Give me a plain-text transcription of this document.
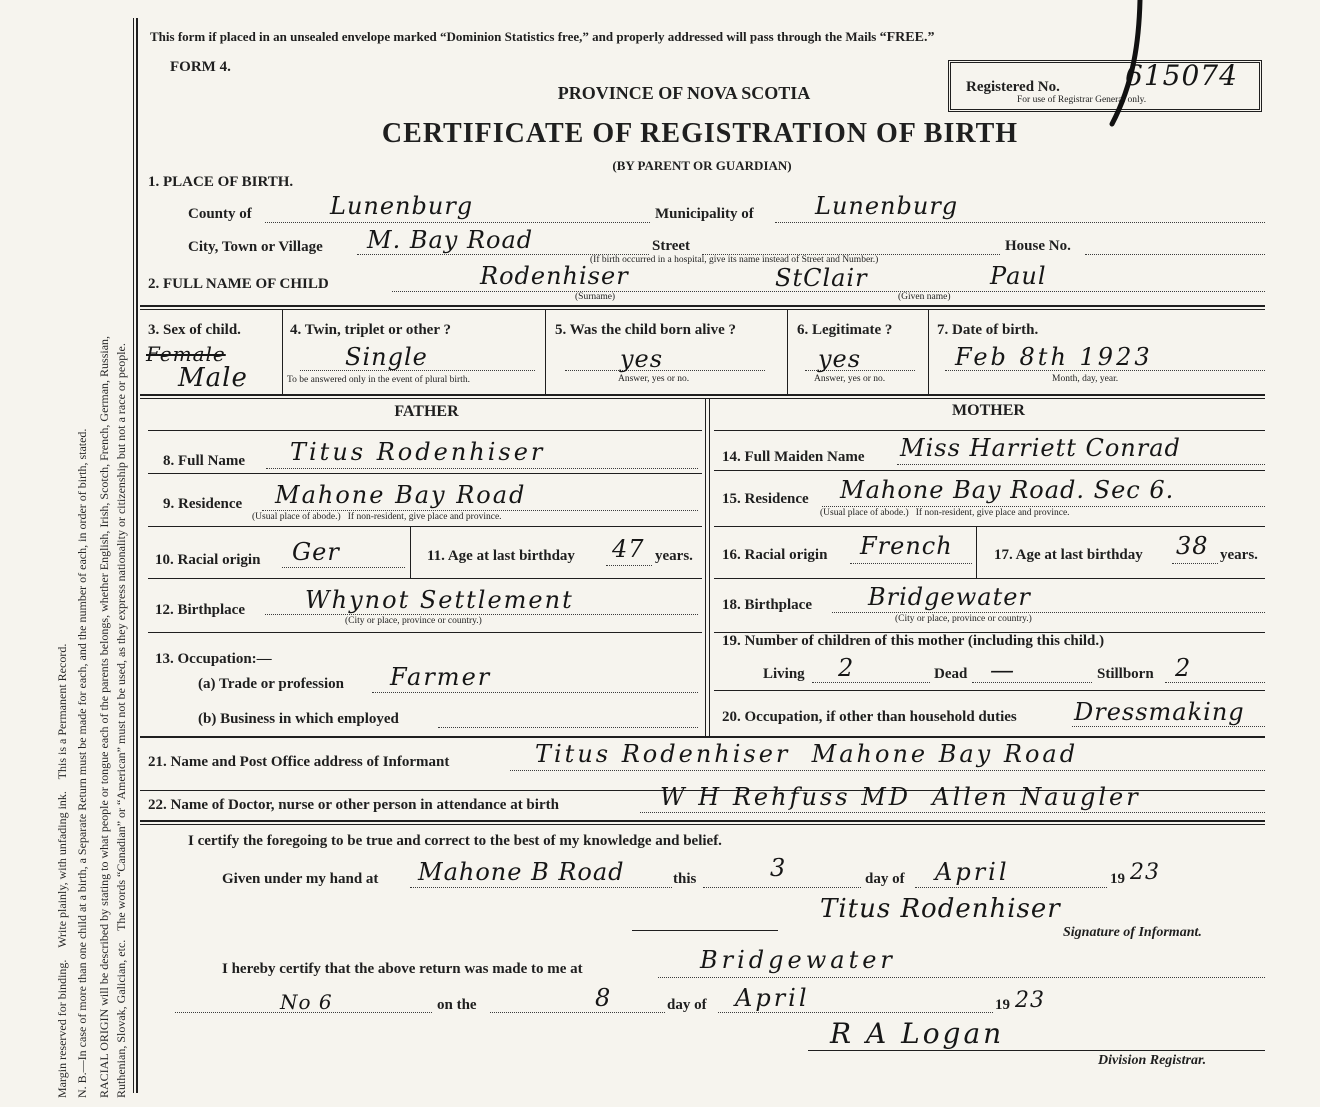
Margin reserved for binding.    Write plainly, with unfading ink.    This is a Permanent Record. N. B.—In case of more than one child at a birth, a Separate Return must be made for each, and the number of each, in order of birth, stated. RACIAL ORIGIN will be described by stating to what people or tongue each of the parents belongs, whether English, Irish, Scotch, French, German, Russian, Ruthenian, Slovak, Galician, etc.   The words “Canadian” or “American” must not be used, as they express nationality or citizenship but not a race or people.
This form if placed in an unsealed envelope marked “Dominion Statistics free,” and properly addressed will pass through the Mails “FREE.”
FORM 4.
PROVINCE OF NOVA SCOTIA
CERTIFICATE OF REGISTRATION OF BIRTH
(BY PARENT OR GUARDIAN)
Registered No. 615074
For use of Registrar General only.
1. PLACE OF BIRTH.
County of	Lunenburg	Municipality of	Lunenburg
City, Town or Village M. Bay Road	Street	House No.
(If birth occurred in a hospital, give its name instead of Street and Number.)
2. FULL NAME OF CHILD	Rodenhiser	StClair	Paul
(Surname)	(Given name)
3. Sex of child.
Female
Male
4. Twin, triplet or other ?
Single
To be answered only in the event of plural birth.
5. Was the child born alive ?
yes
Answer, yes or no.
6. Legitimate ?
yes
Answer, yes or no.
7. Date of birth.
Feb 8th 1923
Month, day, year.
FATHER	MOTHER
8. Full Name Titus Rodenhiser
9. Residence Mahone Bay Road
(Usual place of abode.)   If non-resident, give place and province.
10. Racial origin Ger	11. Age at last birthday 47 years.
12. Birthplace	Whynot Settlement
(City or place, province or country.)
13. Occupation:—
(a) Trade or profession Farmer
(b) Business in which employed
14. Full Maiden Name Miss Harriett Conrad
15. Residence Mahone Bay Road. Sec 6.
(Usual place of abode.)   If non-resident, give place and province.
16. Racial origin French	17. Age at last birthday 38 years.
18. Birthplace Bridgewater
(City or place, province or country.)
19. Number of children of this mother (including this child.)
Living 2	Dead —	Stillborn 2
20. Occupation, if other than household duties Dressmaking
21. Name and Post Office address of Informant	Titus Rodenhiser  Mahone Bay Road
22. Name of Doctor, nurse or other person in attendance at birth	W H Rehfuss MD  Allen Naugler
I certify the foregoing to be true and correct to the best of my knowledge and belief.
Given under my hand at Mahone B Road	this	3	day of April	19 23
Titus Rodenhiser
Signature of Informant.
I hereby certify that the above return was made to me at	Bridgewater
No 6	on the	8	day of April	19 23
R A Logan
Division Registrar.
